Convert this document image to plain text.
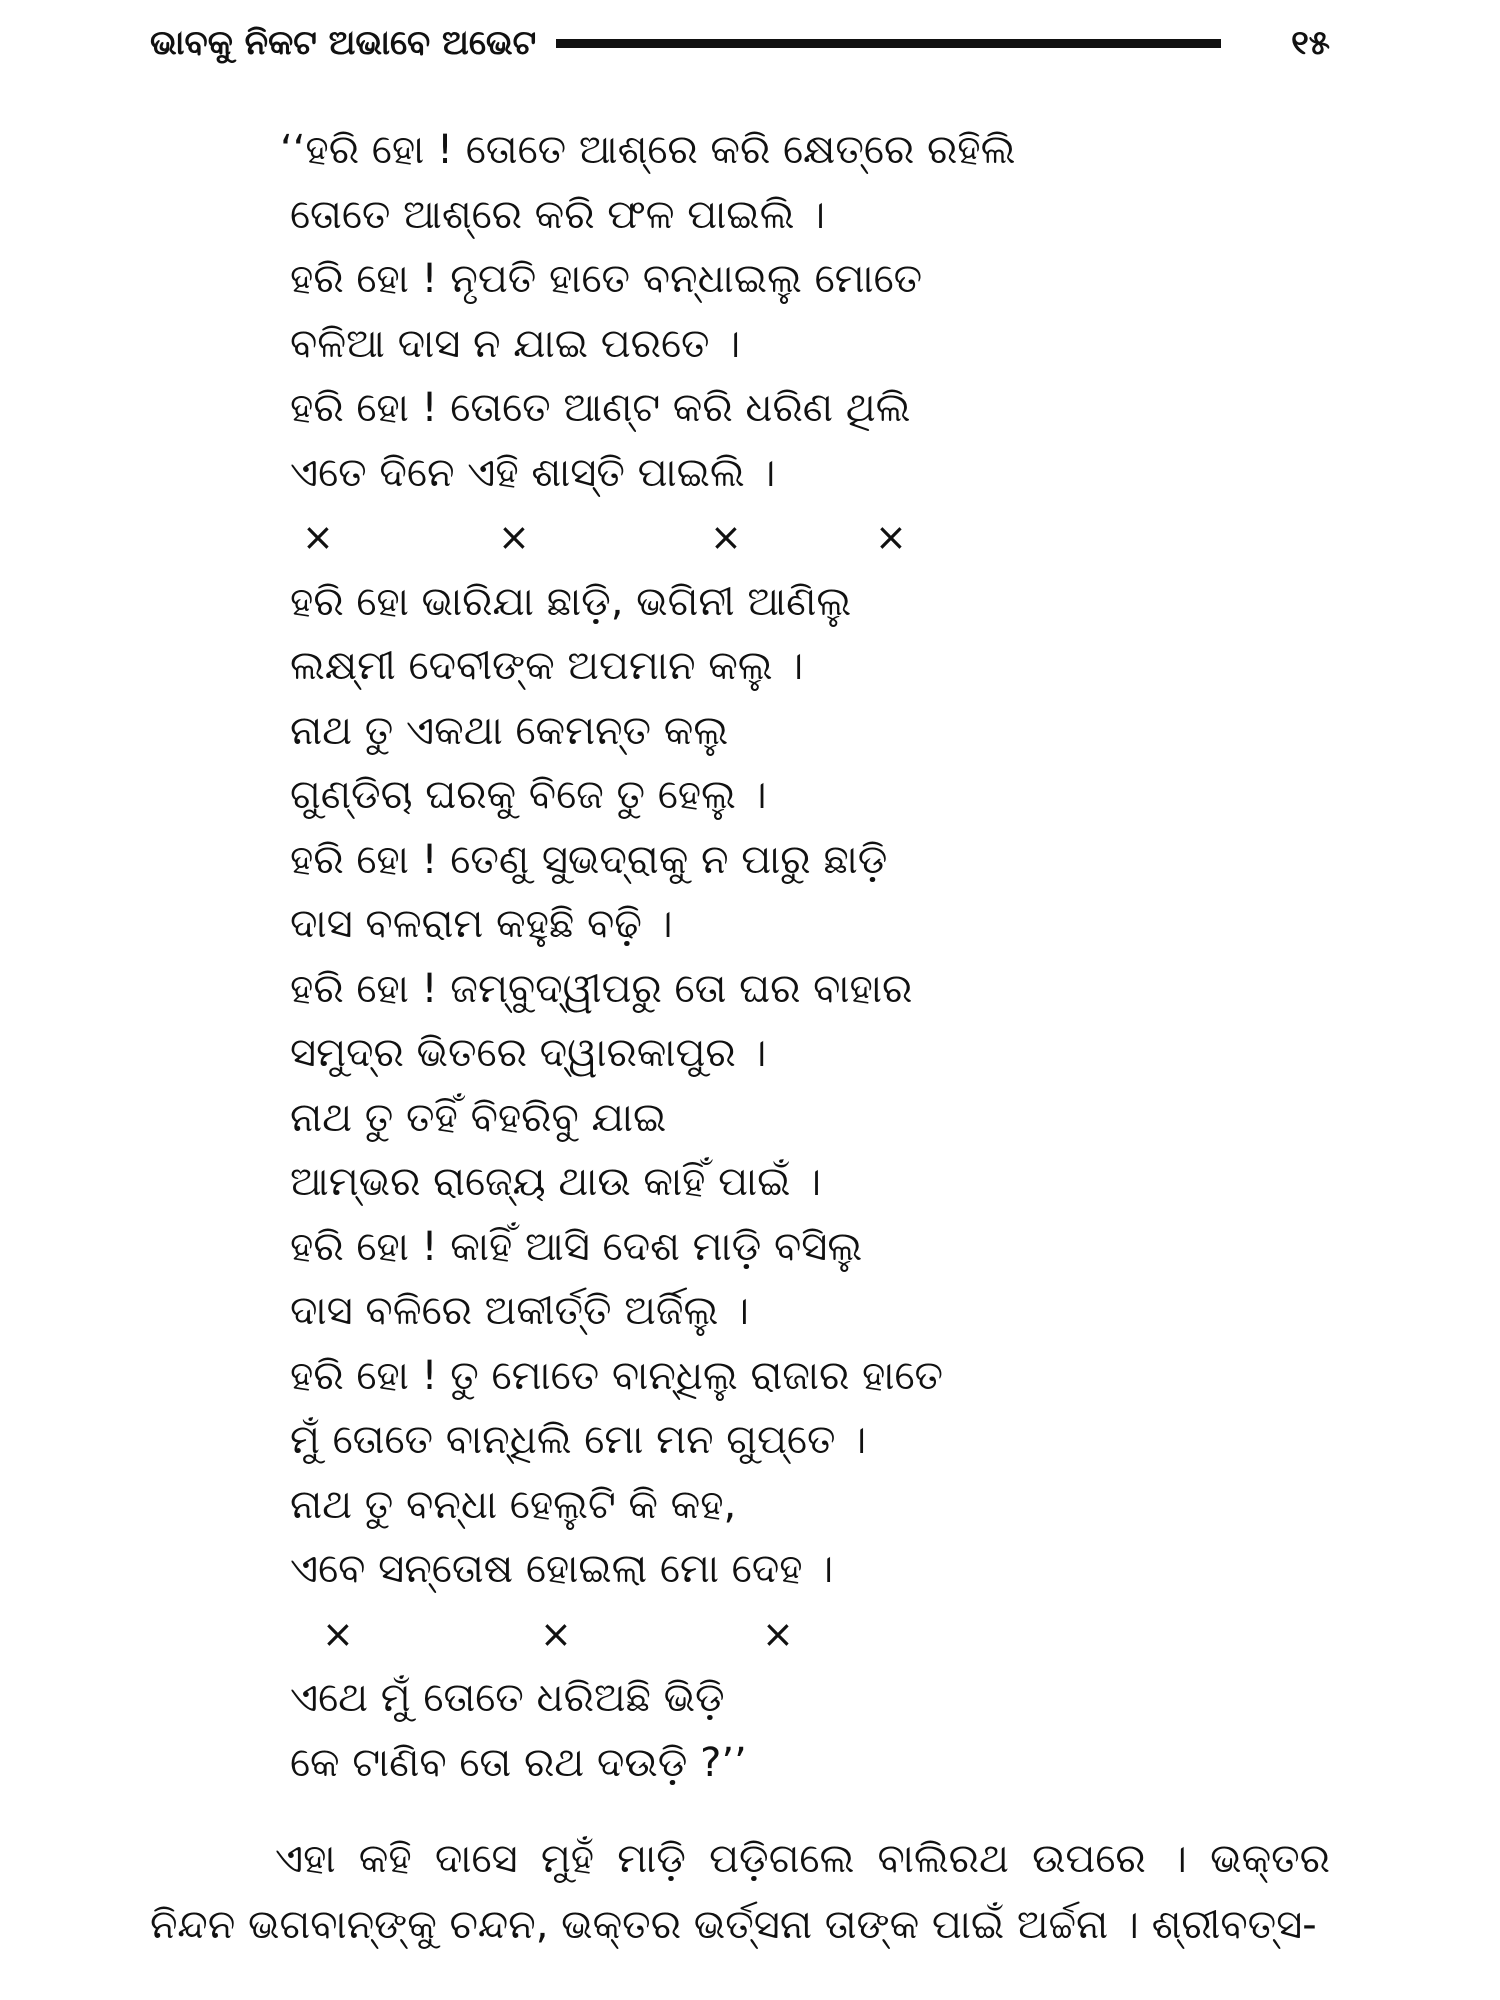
ଭାବକୁ ନିକଟ ଅଭାବେ ଅଭେଟ	୧୫
‘‘ହରି ହୋ ! ତୋତେ ଆଶ୍ରେ କରି କ୍ଷେତ୍ରେ ରହିଲି
ତୋତେ ଆଶ୍ରେ କରି ଫଳ ପାଇଲି ।
ହରି ହୋ ! ନୃପତି ହାତେ ବନ୍ଧାଇଲୁ ମୋତେ
ବଳିଆ ଦାସ ନ ଯାଇ ପରତେ ।
ହରି ହୋ ! ତୋତେ ଆଣ୍ଟ କରି ଧରିଣ ଥିଲି
ଏତେ ଦିନେ ଏହି ଶାସ୍ତି ପାଇଲି ।
×	×	×	×
ହରି ହୋ ଭାରିଯା ଛାଡ଼ି, ଭଗିନୀ ଆଣିଲୁ
ଲକ୍ଷ୍ମୀ ଦେବୀଙ୍କ ଅପମାନ କଲୁ ।
ନାଥ ତୁ ଏକଥା କେମନ୍ତ କଲୁ
ଗୁଣ୍ଡିଚା ଘରକୁ ବିଜେ ତୁ ହେଲୁ ।
ହରି ହୋ ! ତେଣୁ ସୁଭଦ୍ରାକୁ ନ ପାରୁ ଛାଡ଼ି
ଦାସ ବଳରାମ କହୁଛି ବଢ଼ି ।
ହରି ହୋ ! ଜମ୍ବୁଦ୍ୱୀପରୁ ତୋ ଘର ବାହାର
ସମୁଦ୍ର ଭିତରେ ଦ୍ୱାରକାପୁର ।
ନାଥ ତୁ ତହିଁ ବିହରିବୁ ଯାଇ
ଆମ୍ଭର ରାଜ୍ୟେ ଥାଉ କାହିଁ ପାଇଁ ।
ହରି ହୋ ! କାହିଁ ଆସି ଦେଶ ମାଡ଼ି ବସିଲୁ
ଦାସ ବଳିରେ ଅକୀର୍ତ୍ତି ଅର୍ଜିଲୁ ।
ହରି ହୋ ! ତୁ ମୋତେ ବାନ୍ଧିଲୁ ରାଜାର ହାତେ
ମୁଁ ତୋତେ ବାନ୍ଧିଲି ମୋ ମନ ଗୁପ୍ତେ ।
ନାଥ ତୁ ବନ୍ଧା ହେଲୁଟି କି କହ,
ଏବେ ସନ୍ତୋଷ ହୋଇଲା ମୋ ଦେହ ।
×	×	×
ଏଥେ ମୁଁ ତୋତେ ଧରିଅଛି ଭିଡ଼ି
କେ ଟାଣିବ ତୋ ରଥ ଦଉଡ଼ି ?’’
ଏହା କହି ଦାସେ ମୁହଁ ମାଡ଼ି ପଡ଼ିଗଲେ ବାଲିରଥ ଉପରେ । ଭକ୍ତର ନିନ୍ଦନ ଭଗବାନ୍‌ଙ୍କୁ ଚନ୍ଦନ, ଭକ୍ତର ଭର୍ତ୍ସନା ତାଙ୍କ ପାଇଁ ଅର୍ଚ୍ଚନା । ଶ୍ରୀବତ୍ସ-
